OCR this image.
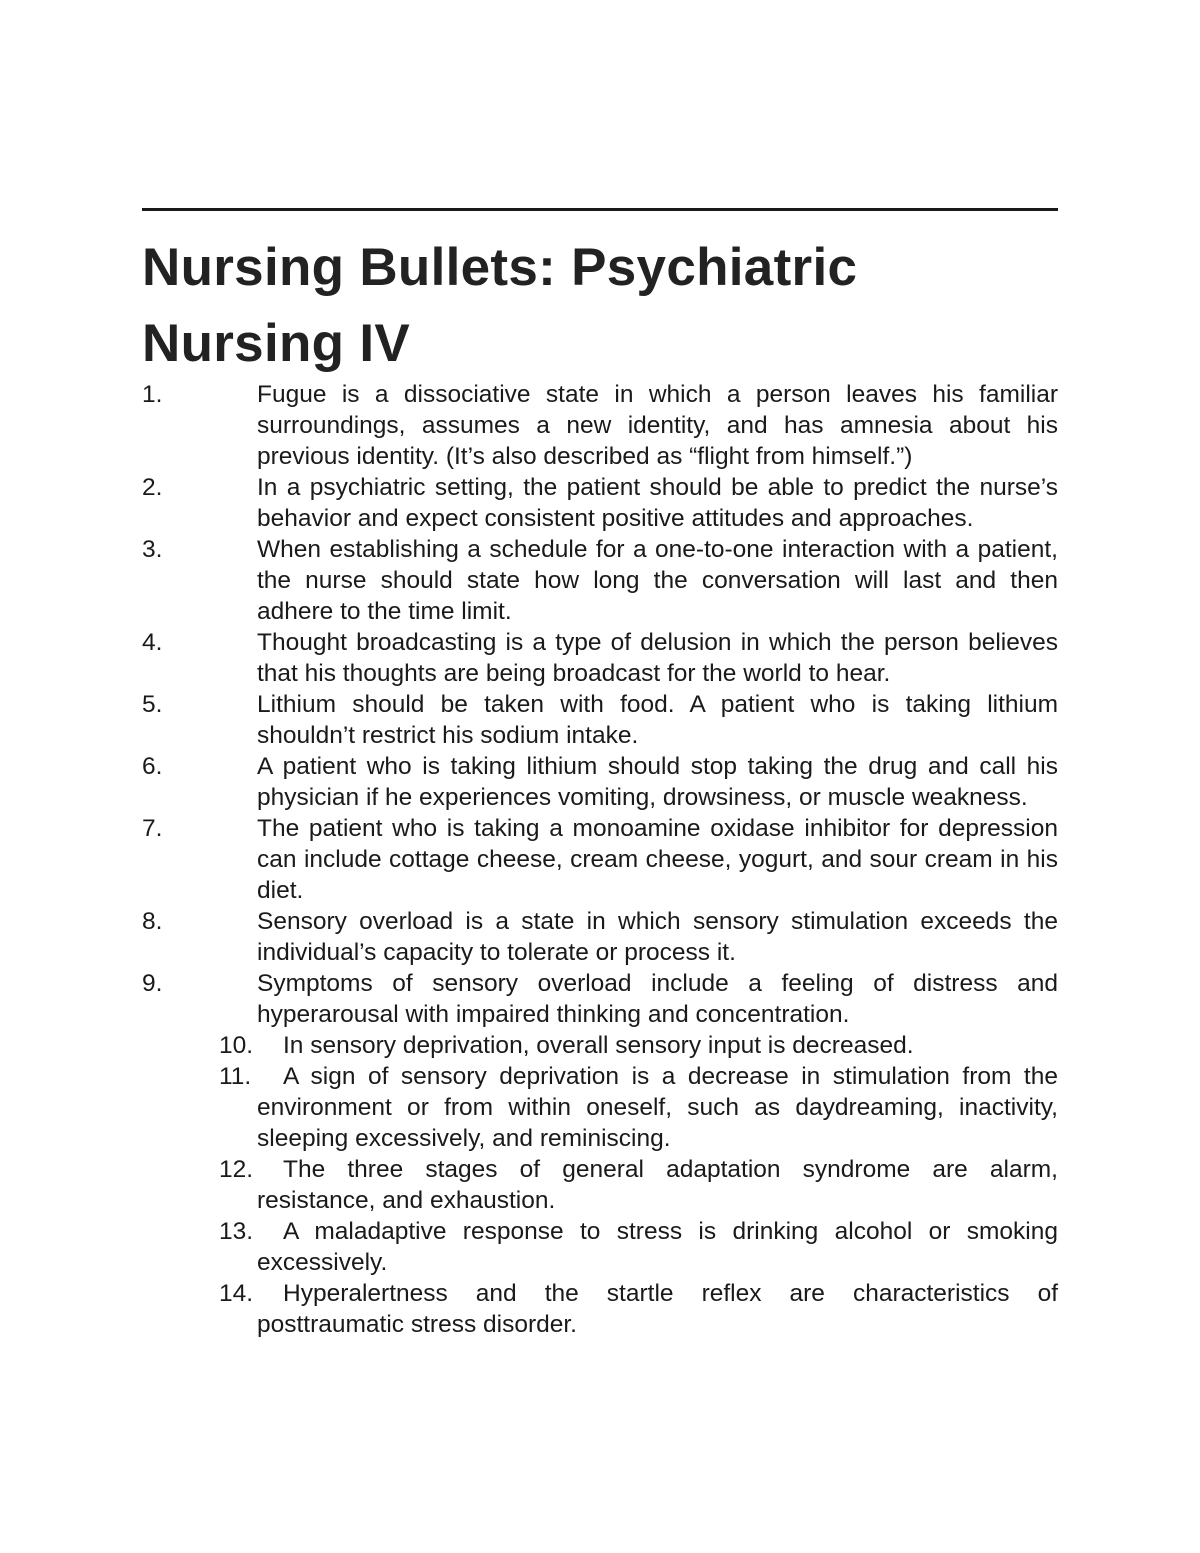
Nursing Bullets: Psychiatric Nursing IV
1.	Fugue is a dissociative state in which a person leaves his familiar surroundings, assumes a new identity, and has amnesia about his previous identity. (It’s also described as “flight from himself.”)
2.	In a psychiatric setting, the patient should be able to predict the nurse’s behavior and expect consistent positive attitudes and approaches.
3.	When establishing a schedule for a one-to-one interaction with a patient, the nurse should state how long the conversation will last and then adhere to the time limit.
4.	Thought broadcasting is a type of delusion in which the person believes that his thoughts are being broadcast for the world to hear.
5.	Lithium should be taken with food. A patient who is taking lithium shouldn’t restrict his sodium intake.
6.	A patient who is taking lithium should stop taking the drug and call his physician if he experiences vomiting, drowsiness, or muscle weakness.
7.	The patient who is taking a monoamine oxidase inhibitor for depression can include cottage cheese, cream cheese, yogurt, and sour cream in his diet.
8.	Sensory overload is a state in which sensory stimulation exceeds the individual’s capacity to tolerate or process it.
9.	Symptoms of sensory overload include a feeling of distress and hyperarousal with impaired thinking and concentration.
10.	In sensory deprivation, overall sensory input is decreased.
11.	A sign of sensory deprivation is a decrease in stimulation from the environment or from within oneself, such as daydreaming, inactivity, sleeping excessively, and reminiscing.
12.	The three stages of general adaptation syndrome are alarm, resistance, and exhaustion.
13.	A maladaptive response to stress is drinking alcohol or smoking excessively.
14.	Hyperalertness and the startle reflex are characteristics of posttraumatic stress disorder.
